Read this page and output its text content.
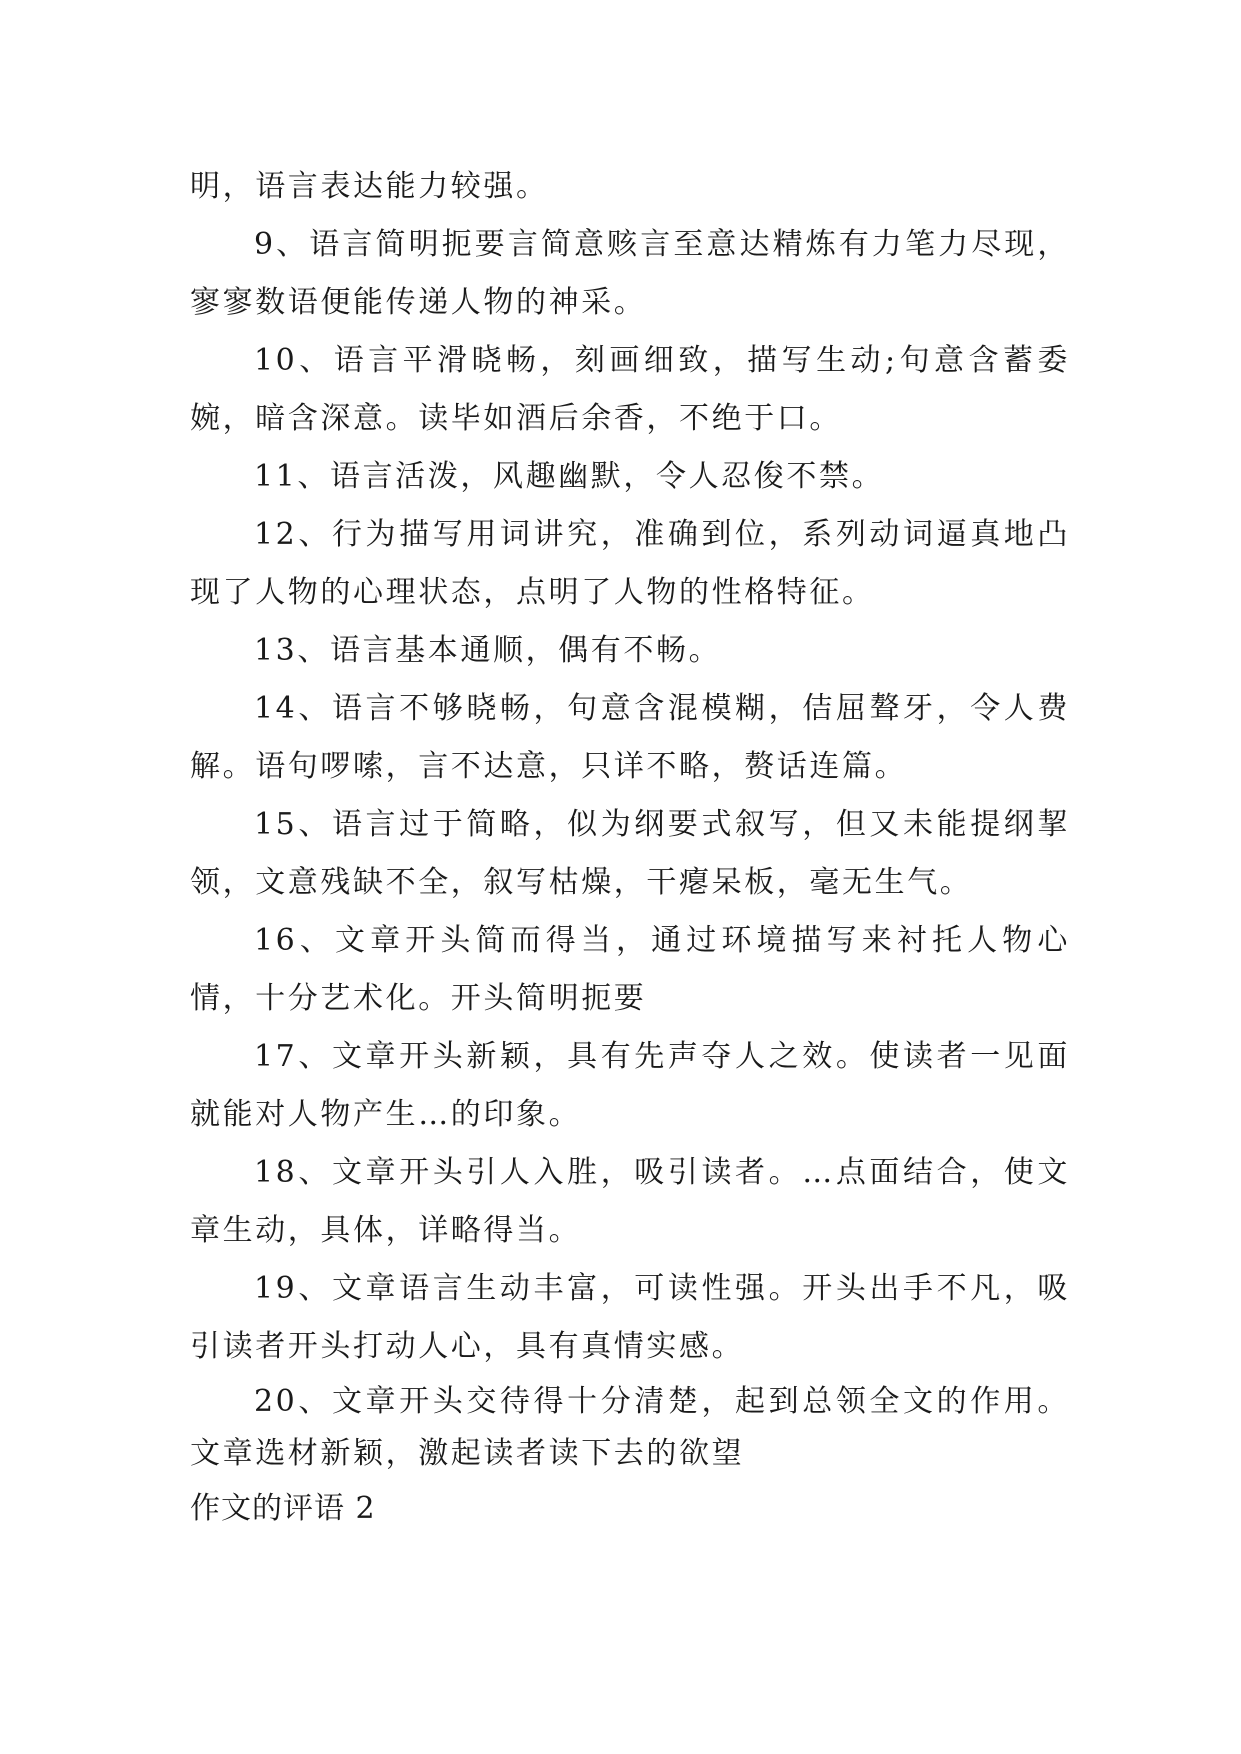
明，语言表达能力较强。

9、语言简明扼要言简意赅言至意达精炼有力笔力尽现，寥寥数语便能传递人物的神采。

10、语言平滑晓畅，刻画细致，描写生动;句意含蓄委婉，暗含深意。读毕如酒后余香，不绝于口。

11、语言活泼，风趣幽默，令人忍俊不禁。

12、行为描写用词讲究，准确到位，系列动词逼真地凸现了人物的心理状态，点明了人物的性格特征。

13、语言基本通顺，偶有不畅。

14、语言不够晓畅，句意含混模糊，佶屈聱牙，令人费解。语句啰嗦，言不达意，只详不略，赘话连篇。

15、语言过于简略，似为纲要式叙写，但又未能提纲挈领，文意残缺不全，叙写枯燥，干瘪呆板，毫无生气。

16、文章开头简而得当，通过环境描写来衬托人物心情，十分艺术化。开头简明扼要

17、文章开头新颖，具有先声夺人之效。使读者一见面就能对人物产生…的印象。

18、文章开头引人入胜，吸引读者。…点面结合，使文章生动，具体，详略得当。

19、文章语言生动丰富，可读性强。开头出手不凡，吸引读者开头打动人心，具有真情实感。

20、文章开头交待得十分清楚，起到总领全文的作用。文章选材新颖，激起读者读下去的欲望

作文的评语 2
